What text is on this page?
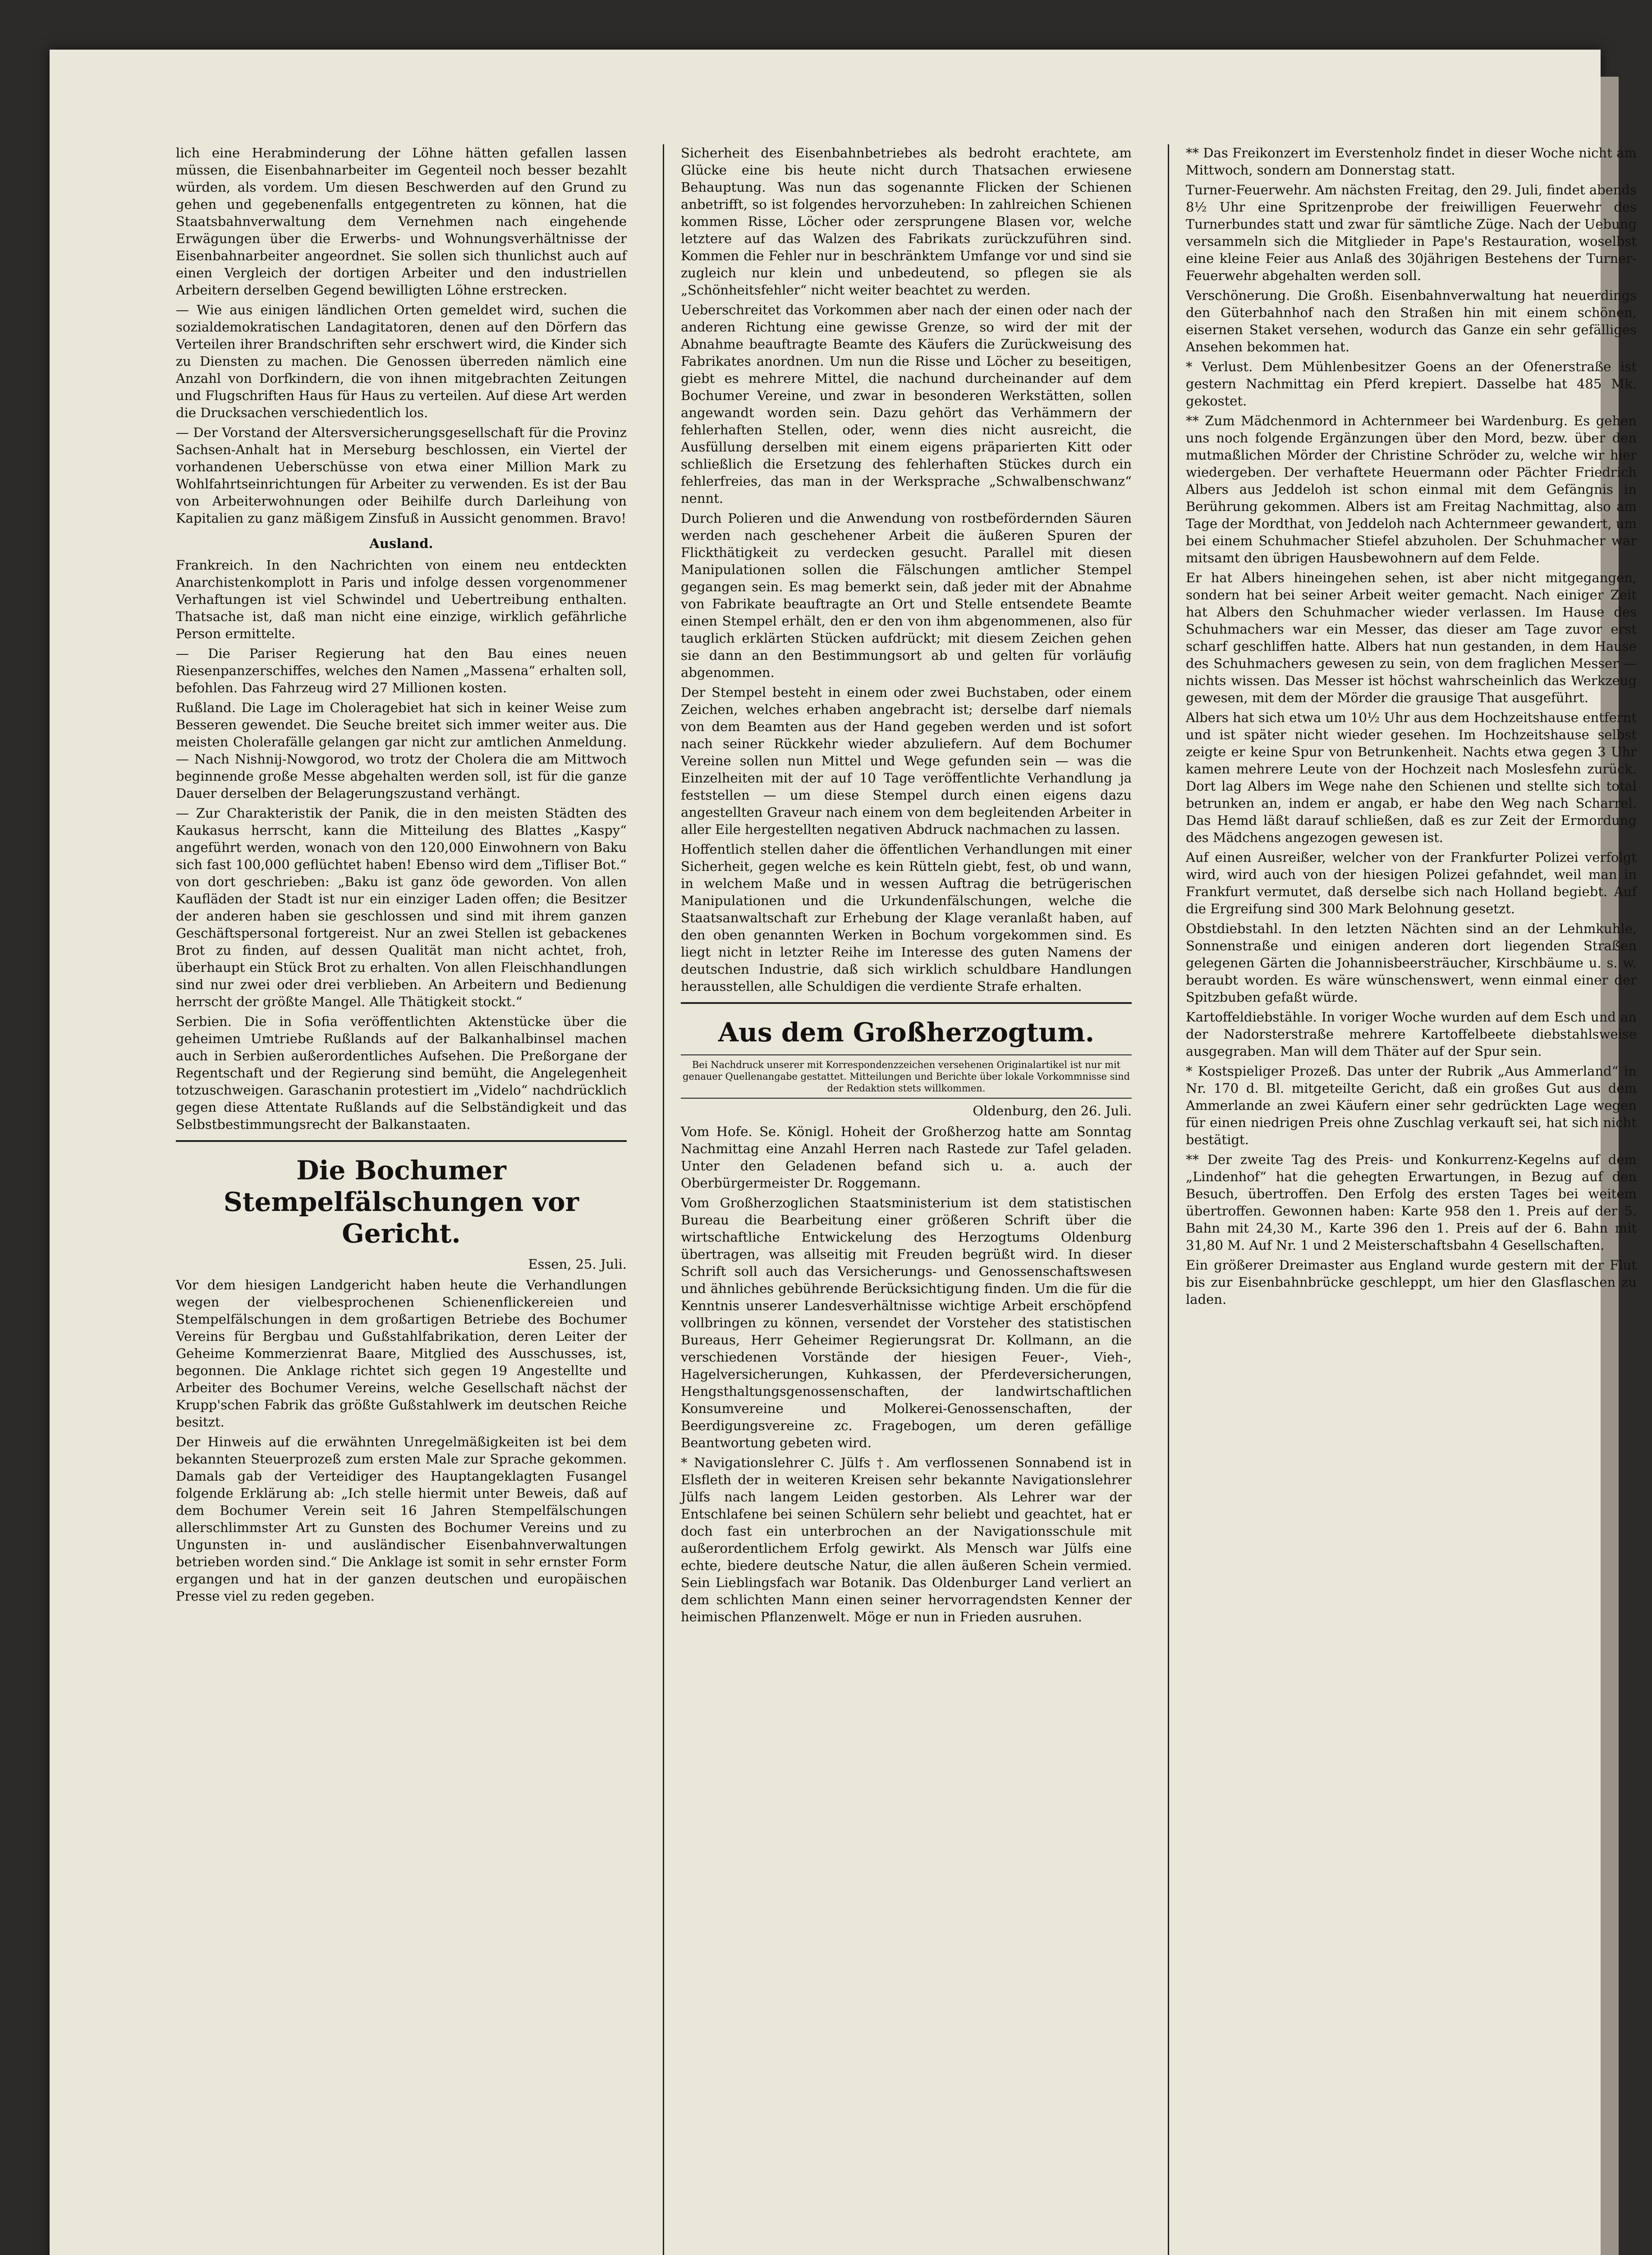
lich eine Herabminderung der Löhne hätten gefallen lassen müssen, die Eisenbahnarbeiter im Gegenteil noch besser bezahlt würden, als vordem. Um diesen Beschwerden auf den Grund zu gehen und gegebenenfalls entgegentreten zu können, hat die Staatsbahnverwaltung dem Vernehmen nach eingehende Erwägungen über die Erwerbs- und Wohnungsverhältnisse der Eisenbahnarbeiter angeordnet. Sie sollen sich thunlichst auch auf einen Vergleich der dortigen Arbeiter und den industriellen Arbeitern derselben Gegend bewilligten Löhne erstrecken.

— Wie aus einigen ländlichen Orten gemeldet wird, suchen die sozialdemokratischen Landagitatoren, denen auf den Dörfern das Verteilen ihrer Brandschriften sehr erschwert wird, die Kinder sich zu Diensten zu machen. Die Genossen überreden nämlich eine Anzahl von Dorfkindern, die von ihnen mitgebrachten Zeitungen und Flugschriften Haus für Haus zu verteilen. Auf diese Art werden die Drucksachen verschiedentlich los.

— Der Vorstand der Altersversicherungsgesellschaft für die Provinz Sachsen-Anhalt hat in Merseburg beschlossen, ein Viertel der vorhandenen Ueberschüsse von etwa einer Million Mark zu Wohlfahrtseinrichtungen für Arbeiter zu verwenden. Es ist der Bau von Arbeiterwohnungen oder Beihilfe durch Darleihung von Kapitalien zu ganz mäßigem Zinsfuß in Aussicht genommen. Bravo!

Ausland.

Frankreich. In den Nachrichten von einem neu entdeckten Anarchistenkomplott in Paris und infolge dessen vorgenommener Verhaftungen ist viel Schwindel und Uebertreibung enthalten. Thatsache ist, daß man nicht eine einzige, wirklich gefährliche Person ermittelte.

— Die Pariser Regierung hat den Bau eines neuen Riesenpanzerschiffes, welches den Namen „Massena“ erhalten soll, befohlen. Das Fahrzeug wird 27 Millionen kosten.

Rußland. Die Lage im Choleragebiet hat sich in keiner Weise zum Besseren gewendet. Die Seuche breitet sich immer weiter aus. Die meisten Cholerafälle gelangen gar nicht zur amtlichen Anmeldung. — Nach Nishnij-Nowgorod, wo trotz der Cholera die am Mittwoch beginnende große Messe abgehalten werden soll, ist für die ganze Dauer derselben der Belagerungszustand verhängt.

— Zur Charakteristik der Panik, die in den meisten Städten des Kaukasus herrscht, kann die Mitteilung des Blattes „Kaspy“ angeführt werden, wonach von den 120,000 Einwohnern von Baku sich fast 100,000 geflüchtet haben! Ebenso wird dem „Tifliser Bot.“ von dort geschrieben: „Baku ist ganz öde geworden. Von allen Kaufläden der Stadt ist nur ein einziger Laden offen; die Besitzer der anderen haben sie geschlossen und sind mit ihrem ganzen Geschäftspersonal fortgereist. Nur an zwei Stellen ist gebackenes Brot zu finden, auf dessen Qualität man nicht achtet, froh, überhaupt ein Stück Brot zu erhalten. Von allen Fleischhandlungen sind nur zwei oder drei verblieben. An Arbeitern und Bedienung herrscht der größte Mangel. Alle Thätigkeit stockt.“

Serbien. Die in Sofia veröffentlichten Aktenstücke über die geheimen Umtriebe Rußlands auf der Balkanhalbinsel machen auch in Serbien außerordentliches Aufsehen. Die Preßorgane der Regentschaft und der Regierung sind bemüht, die Angelegenheit totzuschweigen. Garaschanin protestiert im „Videlo“ nachdrücklich gegen diese Attentate Rußlands auf die Selbständigkeit und das Selbstbestimmungsrecht der Balkanstaaten.

Die Bochumer Stempelfälschungen vor Gericht.
Essen, 25. Juli.

Vor dem hiesigen Landgericht haben heute die Verhandlungen wegen der vielbesprochenen Schienenflickereien und Stempelfälschungen in dem großartigen Betriebe des Bochumer Vereins für Bergbau und Gußstahlfabrikation, deren Leiter der Geheime Kommerzienrat Baare, Mitglied des Ausschusses, ist, begonnen. Die Anklage richtet sich gegen 19 Angestellte und Arbeiter des Bochumer Vereins, welche Gesellschaft nächst der Krupp'schen Fabrik das größte Gußstahlwerk im deutschen Reiche besitzt.

Der Hinweis auf die erwähnten Unregelmäßigkeiten ist bei dem bekannten Steuerprozeß zum ersten Male zur Sprache gekommen. Damals gab der Verteidiger des Hauptangeklagten Fusangel folgende Erklärung ab: „Ich stelle hiermit unter Beweis, daß auf dem Bochumer Verein seit 16 Jahren Stempelfälschungen allerschlimmster Art zu Gunsten des Bochumer Vereins und zu Ungunsten in- und ausländischer Eisenbahnverwaltungen betrieben worden sind.“ Die Anklage ist somit in sehr ernster Form ergangen und hat in der ganzen deutschen und europäischen Presse viel zu reden gegeben.

Sicherheit des Eisenbahnbetriebes als bedroht erachtete, am Glücke eine bis heute nicht durch Thatsachen erwiesene Behauptung. Was nun das sogenannte Flicken der Schienen anbetrifft, so ist folgendes hervorzuheben: In zahlreichen Schienen kommen Risse, Löcher oder zersprungene Blasen vor, welche letztere auf das Walzen des Fabrikats zurückzuführen sind. Kommen die Fehler nur in beschränktem Umfange vor und sind sie zugleich nur klein und unbedeutend, so pflegen sie als „Schönheitsfehler“ nicht weiter beachtet zu werden.

Ueberschreitet das Vorkommen aber nach der einen oder nach der anderen Richtung eine gewisse Grenze, so wird der mit der Abnahme beauftragte Beamte des Käufers die Zurückweisung des Fabrikates anordnen. Um nun die Risse und Löcher zu beseitigen, giebt es mehrere Mittel, die nachund durcheinander auf dem Bochumer Vereine, und zwar in besonderen Werkstätten, sollen angewandt worden sein. Dazu gehört das Verhämmern der fehlerhaften Stellen, oder, wenn dies nicht ausreicht, die Ausfüllung derselben mit einem eigens präparierten Kitt oder schließlich die Ersetzung des fehlerhaften Stückes durch ein fehlerfreies, das man in der Werksprache „Schwalbenschwanz“ nennt.

Durch Polieren und die Anwendung von rostbefördernden Säuren werden nach geschehener Arbeit die äußeren Spuren der Flickthätigkeit zu verdecken gesucht. Parallel mit diesen Manipulationen sollen die Fälschungen amtlicher Stempel gegangen sein. Es mag bemerkt sein, daß jeder mit der Abnahme von Fabrikate beauftragte an Ort und Stelle entsendete Beamte einen Stempel erhält, den er den von ihm abgenommenen, also für tauglich erklärten Stücken aufdrückt; mit diesem Zeichen gehen sie dann an den Bestimmungsort ab und gelten für vorläufig abgenommen.

Der Stempel besteht in einem oder zwei Buchstaben, oder einem Zeichen, welches erhaben angebracht ist; derselbe darf niemals von dem Beamten aus der Hand gegeben werden und ist sofort nach seiner Rückkehr wieder abzuliefern. Auf dem Bochumer Vereine sollen nun Mittel und Wege gefunden sein — was die Einzelheiten mit der auf 10 Tage veröffentlichte Verhandlung ja feststellen — um diese Stempel durch einen eigens dazu angestellten Graveur nach einem von dem begleitenden Arbeiter in aller Eile hergestellten negativen Abdruck nachmachen zu lassen.

Hoffentlich stellen daher die öffentlichen Verhandlungen mit einer Sicherheit, gegen welche es kein Rütteln giebt, fest, ob und wann, in welchem Maße und in wessen Auftrag die betrügerischen Manipulationen und die Urkundenfälschungen, welche die Staatsanwaltschaft zur Erhebung der Klage veranlaßt haben, auf den oben genannten Werken in Bochum vorgekommen sind. Es liegt nicht in letzter Reihe im Interesse des guten Namens der deutschen Industrie, daß sich wirklich schuldbare Handlungen herausstellen, alle Schuldigen die verdiente Strafe erhalten.

Aus dem Großherzogtum.
Bei Nachdruck unserer mit Korrespondenzzeichen versehenen Originalartikel ist nur mit genauer Quellenangabe gestattet. Mitteilungen und Berichte über lokale Vorkommnisse sind der Redaktion stets willkommen.
Oldenburg, den 26. Juli.

Vom Hofe. Se. Königl. Hoheit der Großherzog hatte am Sonntag Nachmittag eine Anzahl Herren nach Rastede zur Tafel geladen. Unter den Geladenen befand sich u. a. auch der Oberbürgermeister Dr. Roggemann.

Vom Großherzoglichen Staatsministerium ist dem statistischen Bureau die Bearbeitung einer größeren Schrift über die wirtschaftliche Entwickelung des Herzogtums Oldenburg übertragen, was allseitig mit Freuden begrüßt wird. In dieser Schrift soll auch das Versicherungs- und Genossenschaftswesen und ähnliches gebührende Berücksichtigung finden. Um die für die Kenntnis unserer Landesverhältnisse wichtige Arbeit erschöpfend vollbringen zu können, versendet der Vorsteher des statistischen Bureaus, Herr Geheimer Regierungsrat Dr. Kollmann, an die verschiedenen Vorstände der hiesigen Feuer-, Vieh-, Hagelversicherungen, Kuhkassen, der Pferdeversicherungen, Hengsthaltungsgenossenschaften, der landwirtschaftlichen Konsumvereine und Molkerei-Genossenschaften, der Beerdigungsvereine zc. Fragebogen, um deren gefällige Beantwortung gebeten wird.

* Navigationslehrer C. Jülfs †. Am verflossenen Sonnabend ist in Elsfleth der in weiteren Kreisen sehr bekannte Navigationslehrer Jülfs nach langem Leiden gestorben. Als Lehrer war der Entschlafene bei seinen Schülern sehr beliebt und geachtet, hat er doch fast ein unterbrochen an der Navigationsschule mit außerordentlichem Erfolg gewirkt. Als Mensch war Jülfs eine echte, biedere deutsche Natur, die allen äußeren Schein vermied. Sein Lieblingsfach war Botanik. Das Oldenburger Land verliert an dem schlichten Mann einen seiner hervorragendsten Kenner der heimischen Pflanzenwelt. Möge er nun in Frieden ausruhen.

** Das Freikonzert im Everstenholz findet in dieser Woche nicht am Mittwoch, sondern am Donnerstag statt.

Turner-Feuerwehr. Am nächsten Freitag, den 29. Juli, findet abends 8½ Uhr eine Spritzenprobe der freiwilligen Feuerwehr des Turnerbundes statt und zwar für sämtliche Züge. Nach der Uebung versammeln sich die Mitglieder in Pape's Restauration, woselbst eine kleine Feier aus Anlaß des 30jährigen Bestehens der Turner-Feuerwehr abgehalten werden soll.

Verschönerung. Die Großh. Eisenbahnverwaltung hat neuerdings den Güterbahnhof nach den Straßen hin mit einem schönen, eisernen Staket versehen, wodurch das Ganze ein sehr gefälliges Ansehen bekommen hat.

* Verlust. Dem Mühlenbesitzer Goens an der Ofenerstraße ist gestern Nachmittag ein Pferd krepiert. Dasselbe hat 485 Mk. gekostet.

** Zum Mädchenmord in Achternmeer bei Wardenburg. Es gehen uns noch folgende Ergänzungen über den Mord, bezw. über den mutmaßlichen Mörder der Christine Schröder zu, welche wir hier wiedergeben. Der verhaftete Heuermann oder Pächter Friedrich Albers aus Jeddeloh ist schon einmal mit dem Gefängnis in Berührung gekommen. Albers ist am Freitag Nachmittag, also am Tage der Mordthat, von Jeddeloh nach Achternmeer gewandert, um bei einem Schuhmacher Stiefel abzuholen. Der Schuhmacher war mitsamt den übrigen Hausbewohnern auf dem Felde.

Er hat Albers hineingehen sehen, ist aber nicht mitgegangen, sondern hat bei seiner Arbeit weiter gemacht. Nach einiger Zeit hat Albers den Schuhmacher wieder verlassen. Im Hause des Schuhmachers war ein Messer, das dieser am Tage zuvor erst scharf geschliffen hatte. Albers hat nun gestanden, in dem Hause des Schuhmachers gewesen zu sein, von dem fraglichen Messer — nichts wissen. Das Messer ist höchst wahrscheinlich das Werkzeug gewesen, mit dem der Mörder die grausige That ausgeführt.

Albers hat sich etwa um 10½ Uhr aus dem Hochzeitshause entfernt und ist später nicht wieder gesehen. Im Hochzeitshause selbst zeigte er keine Spur von Betrunkenheit. Nachts etwa gegen 3 Uhr kamen mehrere Leute von der Hochzeit nach Moslesfehn zurück. Dort lag Albers im Wege nahe den Schienen und stellte sich total betrunken an, indem er angab, er habe den Weg nach Scharrel. Das Hemd läßt darauf schließen, daß es zur Zeit der Ermordung des Mädchens angezogen gewesen ist.

Auf einen Ausreißer, welcher von der Frankfurter Polizei verfolgt wird, wird auch von der hiesigen Polizei gefahndet, weil man in Frankfurt vermutet, daß derselbe sich nach Holland begiebt. Auf die Ergreifung sind 300 Mark Belohnung gesetzt.

Obstdiebstahl. In den letzten Nächten sind an der Lehmkuhle, Sonnenstraße und einigen anderen dort liegenden Straßen gelegenen Gärten die Johannisbeersträucher, Kirschbäume u. s. w. beraubt worden. Es wäre wünschenswert, wenn einmal einer der Spitzbuben gefaßt würde.

Kartoffeldiebstähle. In voriger Woche wurden auf dem Esch und an der Nadorsterstraße mehrere Kartoffelbeete diebstahlsweise ausgegraben. Man will dem Thäter auf der Spur sein.

* Kostspieliger Prozeß. Das unter der Rubrik „Aus Ammerland“ in Nr. 170 d. Bl. mitgeteilte Gericht, daß ein großes Gut aus dem Ammerlande an zwei Käufern einer sehr gedrückten Lage wegen für einen niedrigen Preis ohne Zuschlag verkauft sei, hat sich nicht bestätigt.

** Der zweite Tag des Preis- und Konkurrenz-Kegelns auf dem „Lindenhof“ hat die gehegten Erwartungen, in Bezug auf den Besuch, übertroffen. Den Erfolg des ersten Tages bei weitem übertroffen. Gewonnen haben: Karte 958 den 1. Preis auf der 5. Bahn mit 24,30 M., Karte 396 den 1. Preis auf der 6. Bahn mit 31,80 M. Auf Nr. 1 und 2 Meisterschaftsbahn 4 Gesellschaften.

Ein größerer Dreimaster aus England wurde gestern mit der Flut bis zur Eisenbahnbrücke geschleppt, um hier den Glasflaschen zu laden.
